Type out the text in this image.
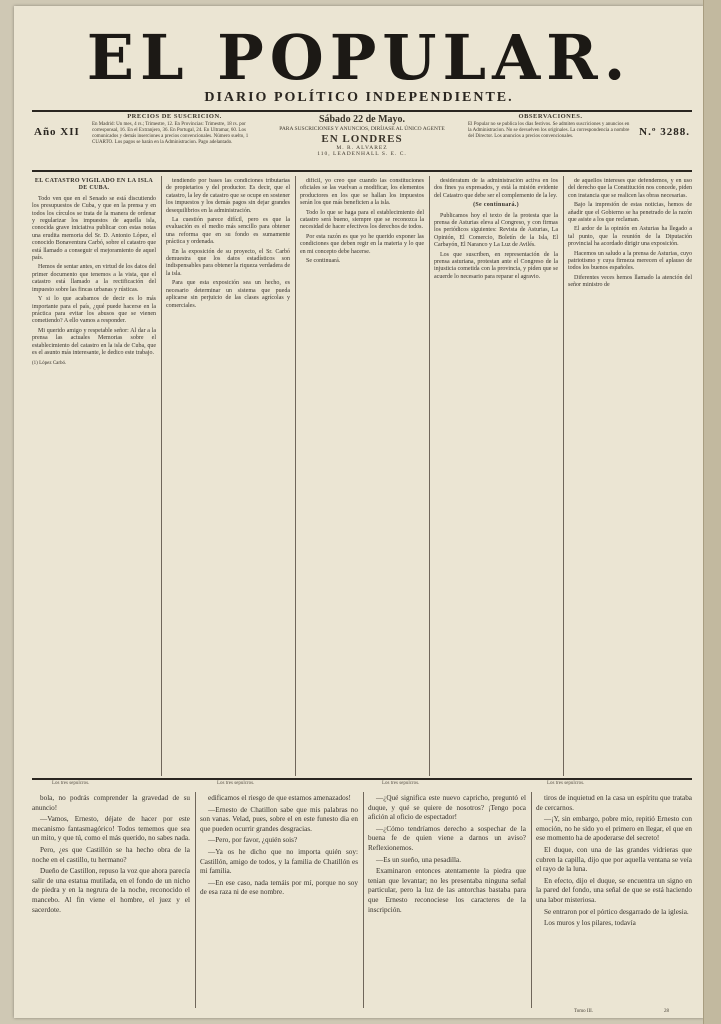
EL POPULAR.
DIARIO POLÍTICO INDEPENDIENTE.
Año XII
PRECIOS DE SUSCRICION.
En Madrid: Un mes, 4 rs.; Trimestre, 12. En Provincias: Trimestre, 18 rs. por corresponsal, 16. En el Extranjero, 36. En Portugal, 24. En Ultramar, 60. Los comunicados y demás inserciones a precios convencionales. Número suelto, 1 CUARTO. Los pagos se harán en la Administracion. Pago adelantado.
Sábado 22 de Mayo.
PARA SUSCRICIONES Y ANUNCIOS, DIRÍJASE AL ÚNICO AGENTE
EN LONDRES
M. R. ALVAREZ
110, LEADENHALL S. E. C.
OBSERVACIONES.
El Popular no se publica los dias festivos. Se admiten suscriciones y anuncios en la Administracion. No se devuelven los originales. La correspondencia a nombre del Director. Los anuncios a precios convencionales.	N.º 3288.

EL CATASTRO VIGILADO EN LA ISLA DE CUBA.

Todo ven que en el Senado se está discutiendo los presupuestos de Cuba, y que en la prensa y en todos los círculos se trata de la manera de ordenar y regularizar los impuestos de aquella isla, conocida grave iniciativa publicar con estas notas una erudita memoria del Sr. D. Antonio López, el conocido Bonaventura Carbó, sobre el catastro que está llamado a conseguir el mejoramiento de aquel país.

Hemos de sentar antes, en virtud de los datos del primer documento que tenemos a la vista, que el catastro está llamado a la rectificación del impuesto sobre las fincas urbanas y rústicas.

Y si lo que acabamos de decir es lo más importante para el país, ¿qué puede hacerse en la práctica para evitar los abusos que se vienen cometiendo? A ello vamos a responder.

Mi querido amigo y respetable señor: Al dar a la prensa las actuales Memorias sobre el establecimiento del catastro en la isla de Cuba, que es el asunto más interesante, le dedico este trabajo.

(1) López Carbó.

tendiendo por bases las condiciones tributarias de propietarios y del productor. Es decir, que el catastro, la ley de catastro que se ocupe en sostener los impuestos y los demás pagos sin dejar grandes desequilibrios en la administración.

La cuestión parece difícil, pero es que la evaluación es el medio más sencillo para obtener una reforma que en su fondo es sumamente práctica y ordenada.

En la exposición de su proyecto, el Sr. Carbó demuestra que los datos estadísticos son indispensables para obtener la riqueza verdadera de la isla.

Para que esta exposición sea un hecho, es necesario determinar un sistema que pueda aplicarse sin perjuicio de las clases agrícolas y comerciales.

dificil, yo creo que cuando las constituciones oficiales se las vuelvan a modificar, los elementos productores en los que se hallan los impuestos serán los que más beneficien a la isla.

Todo lo que se haga para el establecimiento del catastro será bueno, siempre que se reconozca la necesidad de hacer efectivos los derechos de todos.

Por esta razón es que yo he querido exponer las condiciones que deben regir en la materia y lo que en mi concepto debe hacerse.

Se continuará.

desideratum de la administración activa en los dos fines ya expresados, y está la misión evidente del Catastro que debe ser el complemento de la ley.

(Se continuará.)

Publicamos hoy el texto de la protesta que la prensa de Asturias eleva al Congreso, y con firmas los periódicos siguientes: Revista de Asturias, La Opinión, El Comercio, Boletín de la Isla, El Carbayón, El Naranco y La Luz de Avilés.

Los que suscriben, en representación de la prensa asturiana, protestan ante el Congreso de la injusticia cometida con la provincia, y piden que se acuerde lo necesario para reparar el agravio.

de aquellos intereses que defendemos, y en uso del derecho que la Constitución nos concede, piden con instancia que se realicen las obras necesarias.

Bajo la impresión de estas noticias, hemos de añadir que el Gobierno se ha penetrado de la razón que asiste a los que reclaman.

El ardor de la opinión en Asturias ha llegado a tal punto, que la reunión de la Diputación provincial ha acordado dirigir una exposición.

Hacemos un saludo a la prensa de Asturias, cuyo patriotismo y cuya firmeza merecen el aplauso de todos los buenos españoles.

Diferentes veces hemos llamado la atención del señor ministro de

Los tres sepulcros.	Los tres sepulcros.	Los tres sepulcros.	Los tres sepulcros.

bola, no podrás comprender la gravedad de su anuncio!

—Vamos, Ernesto, déjate de hacer por este mecanismo fantasmagórico! Todos tememos que sea un mito, y que tú, como el más querido, no sabes nada.

Pero, ¿es que Castillón se ha hecho obra de la noche en el castillo, tu hermano?

Dueño de Castillon, repuso la voz que ahora parecía salir de una estatua mutilada, en el fondo de un nicho de piedra y en la negrura de la noche, reconocido el mancebo. Al fin viene el hombre, el juez y el sacerdote.

edificamos el riesgo de que estamos amenazados!

—Ernesto de Chatillon sabe que mis palabras no son vanas. Velad, pues, sobre el en este funesto dia en que pueden ocurrir grandes desgracias.

—Pero, por favor, ¿quién sois?

—Ya os he dicho que no importa quién soy: Castillón, amigo de todos, y la familia de Chatillón es mi familia.

—En ese caso, nada temáis por mí, porque no soy de esa raza ni de ese nombre.

—¿Qué significa este nuevo capricho, preguntó el duque, y qué se quiere de nosotros? ¡Tengo poca afición al oficio de espectador!

—¿Cómo tendríamos derecho a sospechar de la buena fe de quien viene a darnos un aviso? Reflexionemos.

—Es un sueño, una pesadilla.

Examinaron entonces atentamente la piedra que tenian que levantar; no les presentaba ninguna señal particular, pero la luz de las antorchas bastaba para que Ernesto reconociese los caracteres de la inscripción.

tiros de inquietud en la casa un espíritu que trataba de cercarnos.

—¡Y, sin embargo, pobre mío, repitió Ernesto con emoción, no he sido yo el primero en llegar, el que en ese momento ha de apoderarse del secreto!

El duque, con una de las grandes vidrieras que cubren la capilla, dijo que por aquella ventana se veía el rayo de la luna.

En efecto, dijo el duque, se encuentra un signo en la pared del fondo, una señal de que se está haciendo una labor misteriosa.

Se entraron por el pórtico desgarrado de la iglesia.

Los muros y los pilares, todavía

Tomo III.	28
